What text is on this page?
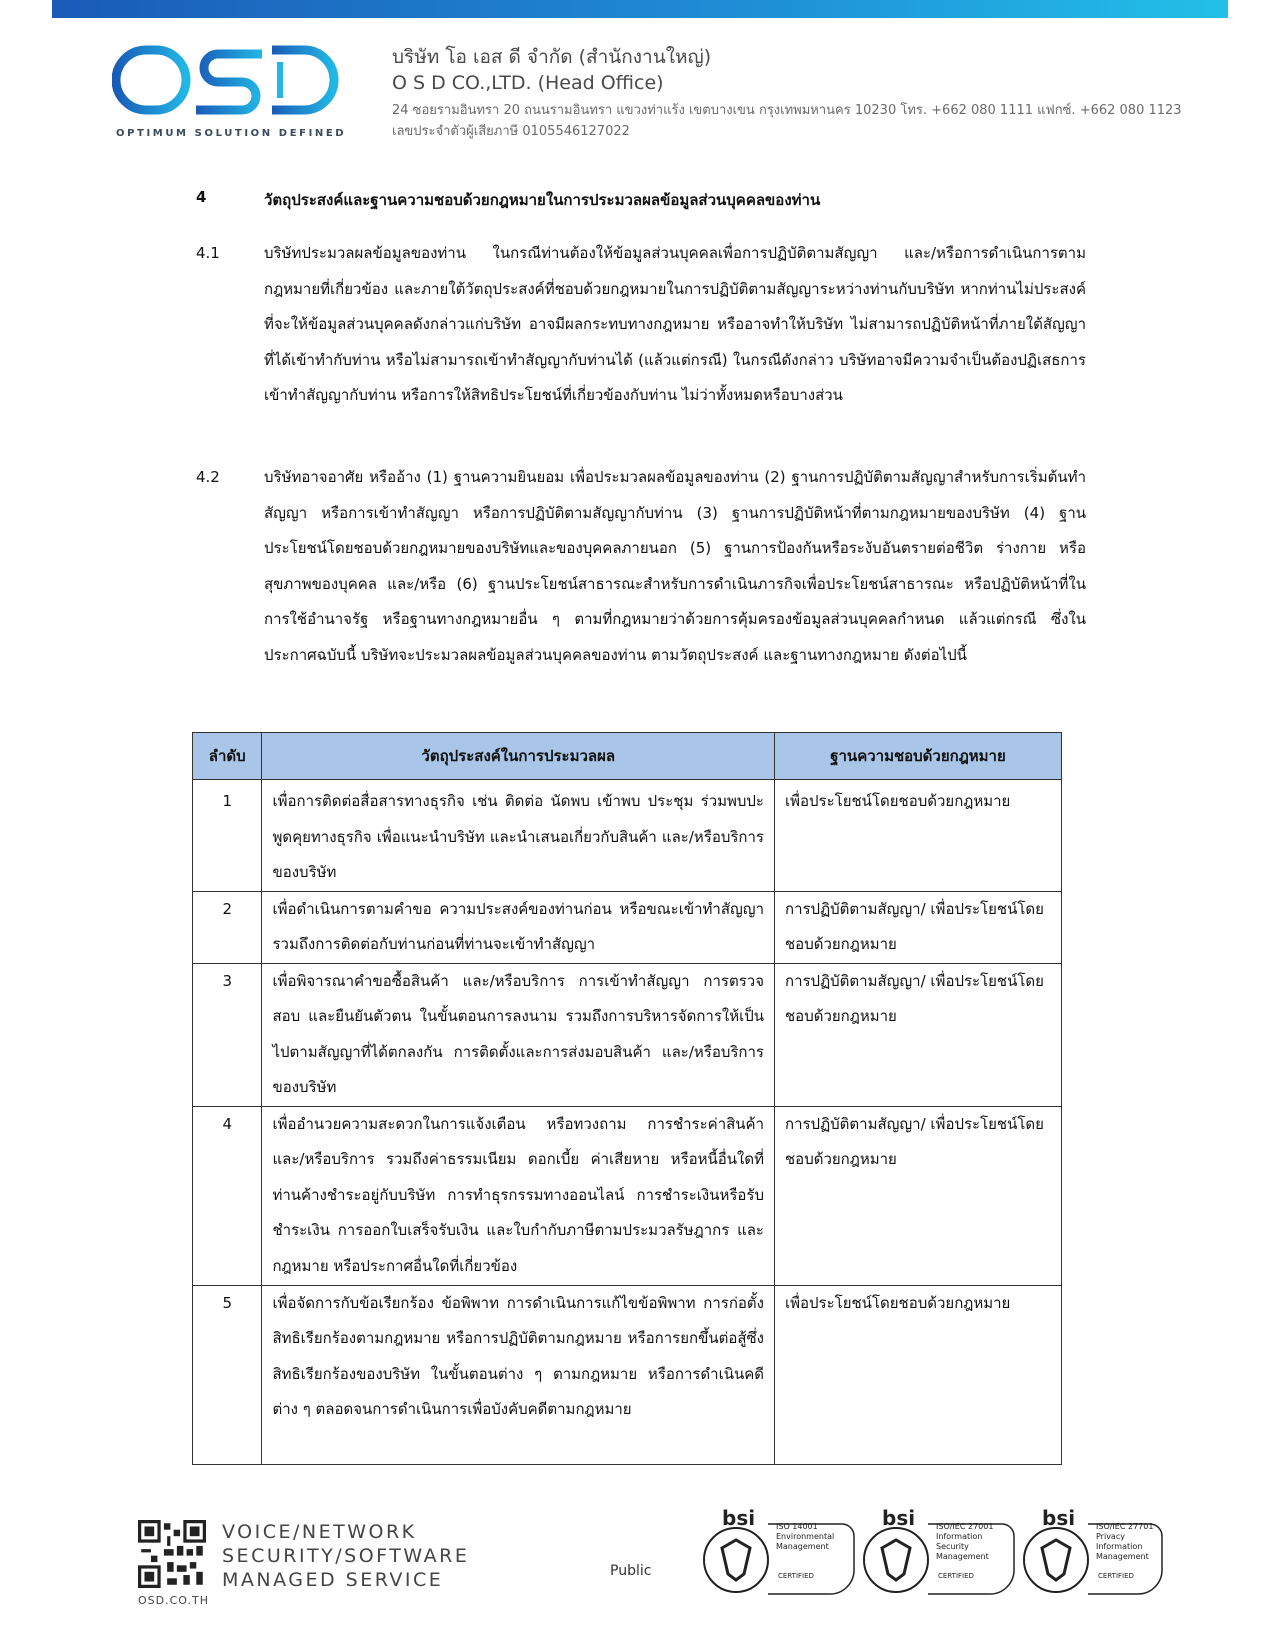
OPTIMUM SOLUTION DEFINED
บริษัท โอ เอส ดี จำกัด (สำนักงานใหญ่)
O S D CO.,LTD. (Head Office)
24 ซอยรามอินทรา 20 ถนนรามอินทรา แขวงท่าแร้ง เขตบางเขน กรุงเทพมหานคร 10230 โทร. +662 080 1111 แฟกซ์. +662 080 1123
เลขประจำตัวผู้เสียภาษี 0105546127022
4	วัตถุประสงค์และฐานความชอบด้วยกฎหมายในการประมวลผลข้อมูลส่วนบุคคลของท่าน
4.1	บริษัทประมวลผลข้อมูลของท่าน ในกรณีท่านต้องให้ข้อมูลส่วนบุคคลเพื่อการปฏิบัติตามสัญญา และ/หรือการดำเนินการตามกฎหมายที่เกี่ยวข้อง และภายใต้วัตถุประสงค์ที่ชอบด้วยกฎหมายในการปฏิบัติตามสัญญาระหว่างท่านกับบริษัท หากท่านไม่ประสงค์ที่จะให้ข้อมูลส่วนบุคคลดังกล่าวแก่บริษัท อาจมีผลกระทบทางกฎหมาย หรืออาจทำให้บริษัท ไม่สามารถปฏิบัติหน้าที่ภายใต้สัญญาที่ได้เข้าทำกับท่าน หรือไม่สามารถเข้าทำสัญญากับท่านได้ (แล้วแต่กรณี) ในกรณีดังกล่าว บริษัทอาจมีความจำเป็นต้องปฏิเสธการเข้าทำสัญญากับท่าน หรือการให้สิทธิประโยชน์ที่เกี่ยวข้องกับท่าน ไม่ว่าทั้งหมดหรือบางส่วน
4.2	บริษัทอาจอาศัย หรืออ้าง (1) ฐานความยินยอม เพื่อประมวลผลข้อมูลของท่าน (2) ฐานการปฏิบัติตามสัญญาสำหรับการเริ่มต้นทำสัญญา หรือการเข้าทำสัญญา หรือการปฏิบัติตามสัญญากับท่าน (3) ฐานการปฏิบัติหน้าที่ตามกฎหมายของบริษัท (4) ฐานประโยชน์โดยชอบด้วยกฎหมายของบริษัทและของบุคคลภายนอก (5) ฐานการป้องกันหรือระงับอันตรายต่อชีวิต ร่างกาย หรือสุขภาพของบุคคล และ/หรือ (6) ฐานประโยชน์สาธารณะสำหรับการดำเนินภารกิจเพื่อประโยชน์สาธารณะ หรือปฏิบัติหน้าที่ในการใช้อำนาจรัฐ หรือฐานทางกฎหมายอื่น ๆ ตามที่กฎหมายว่าด้วยการคุ้มครองข้อมูลส่วนบุคคลกำหนด แล้วแต่กรณี ซึ่งในประกาศฉบับนี้ บริษัทจะประมวลผลข้อมูลส่วนบุคคลของท่าน ตามวัตถุประสงค์ และฐานทางกฎหมาย ดังต่อไปนี้
ลำดับ	วัตถุประสงค์ในการประมวลผล	ฐานความชอบด้วยกฎหมาย
1	เพื่อการติดต่อสื่อสารทางธุรกิจ เช่น ติดต่อ นัดพบ เข้าพบ ประชุม ร่วมพบปะพูดคุยทางธุรกิจ เพื่อแนะนำบริษัท และนำเสนอเกี่ยวกับสินค้า และ/หรือบริการของบริษัท	เพื่อประโยชน์โดยชอบด้วยกฎหมาย
2	เพื่อดำเนินการตามคำขอ ความประสงค์ของท่านก่อน หรือขณะเข้าทำสัญญา รวมถึงการติดต่อกับท่านก่อนที่ท่านจะเข้าทำสัญญา	การปฏิบัติตามสัญญา/ เพื่อประโยชน์โดยชอบด้วยกฎหมาย
3	เพื่อพิจารณาคำขอซื้อสินค้า และ/หรือบริการ การเข้าทำสัญญา การตรวจสอบ และยืนยันตัวตน ในขั้นตอนการลงนาม รวมถึงการบริหารจัดการให้เป็นไปตามสัญญาที่ได้ตกลงกัน การติดตั้งและการส่งมอบสินค้า และ/หรือบริการของบริษัท	การปฏิบัติตามสัญญา/ เพื่อประโยชน์โดยชอบด้วยกฎหมาย
4	เพื่ออำนวยความสะดวกในการแจ้งเตือน หรือทวงถาม การชำระค่าสินค้า และ/หรือบริการ รวมถึงค่าธรรมเนียม ดอกเบี้ย ค่าเสียหาย หรือหนี้อื่นใดที่ท่านค้างชำระอยู่กับบริษัท การทำธุรกรรมทางออนไลน์ การชำระเงินหรือรับชำระเงิน การออกใบเสร็จรับเงิน และใบกำกับภาษีตามประมวลรัษฎากร และกฎหมาย หรือประกาศอื่นใดที่เกี่ยวข้อง	การปฏิบัติตามสัญญา/ เพื่อประโยชน์โดยชอบด้วยกฎหมาย
5	เพื่อจัดการกับข้อเรียกร้อง ข้อพิพาท การดำเนินการแก้ไขข้อพิพาท การก่อตั้งสิทธิเรียกร้องตามกฎหมาย หรือการปฏิบัติตามกฎหมาย หรือการยกขึ้นต่อสู้ซึ่งสิทธิเรียกร้องของบริษัท ในขั้นตอนต่าง ๆ ตามกฎหมาย หรือการดำเนินคดีต่าง ๆ ตลอดจนการดำเนินการเพื่อบังคับคดีตามกฎหมาย	เพื่อประโยชน์โดยชอบด้วยกฎหมาย
OSD.CO.TH
VOICE/NETWORK
SECURITY/SOFTWARE
MANAGED SERVICE	Public
bsi	ISO 14001 Environmental Management
CERTIFIED
bsi	ISO/IEC 27001 Information Security Management
CERTIFIED
bsi	ISO/IEC 27701 Privacy Information Management
CERTIFIED
